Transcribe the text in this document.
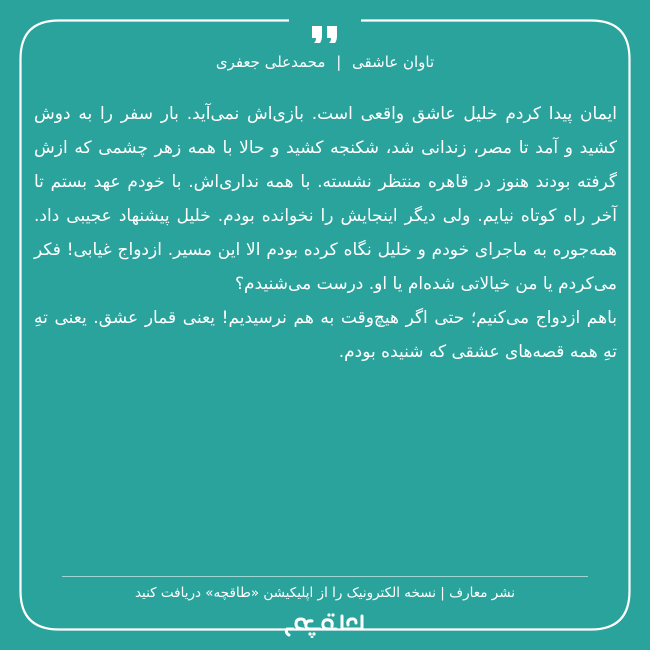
تاوان عاشقی | محمدعلی جعفری

ایمان پیدا کردم خلیل عاشق واقعی است. بازی‌اش نمی‌آید. بار سفر را به دوش کشید و آمد تا مصر، زندانی شد، شکنجه کشید و حالا با همه زهر چشمی که ازش گرفته بودند هنوز در قاهره منتظر نشسته. با همه نداری‌اش. با خودم عهد بستم تا آخر راه کوتاه نیایم. ولی دیگر اینجایش را نخوانده بودم. خلیل پیشنهاد عجیبی داد. همه‌جوره به ماجرای خودم و خلیل نگاه کرده بودم الا این مسیر. ازدواج غیابی! فکر می‌کردم یا من خیالاتی شده‌ام یا او. درست می‌شنیدم؟

باهم ازدواج می‌کنیم؛ حتی اگر هیچ‌وقت به هم نرسیدیم! یعنی قمار عشق. یعنی تهِ تهِ همه قصه‌های عشقی که شنیده بودم.

نشر معارف | نسخه الکترونیک را از اپلیکیشن «طاقچه» دریافت کنید
